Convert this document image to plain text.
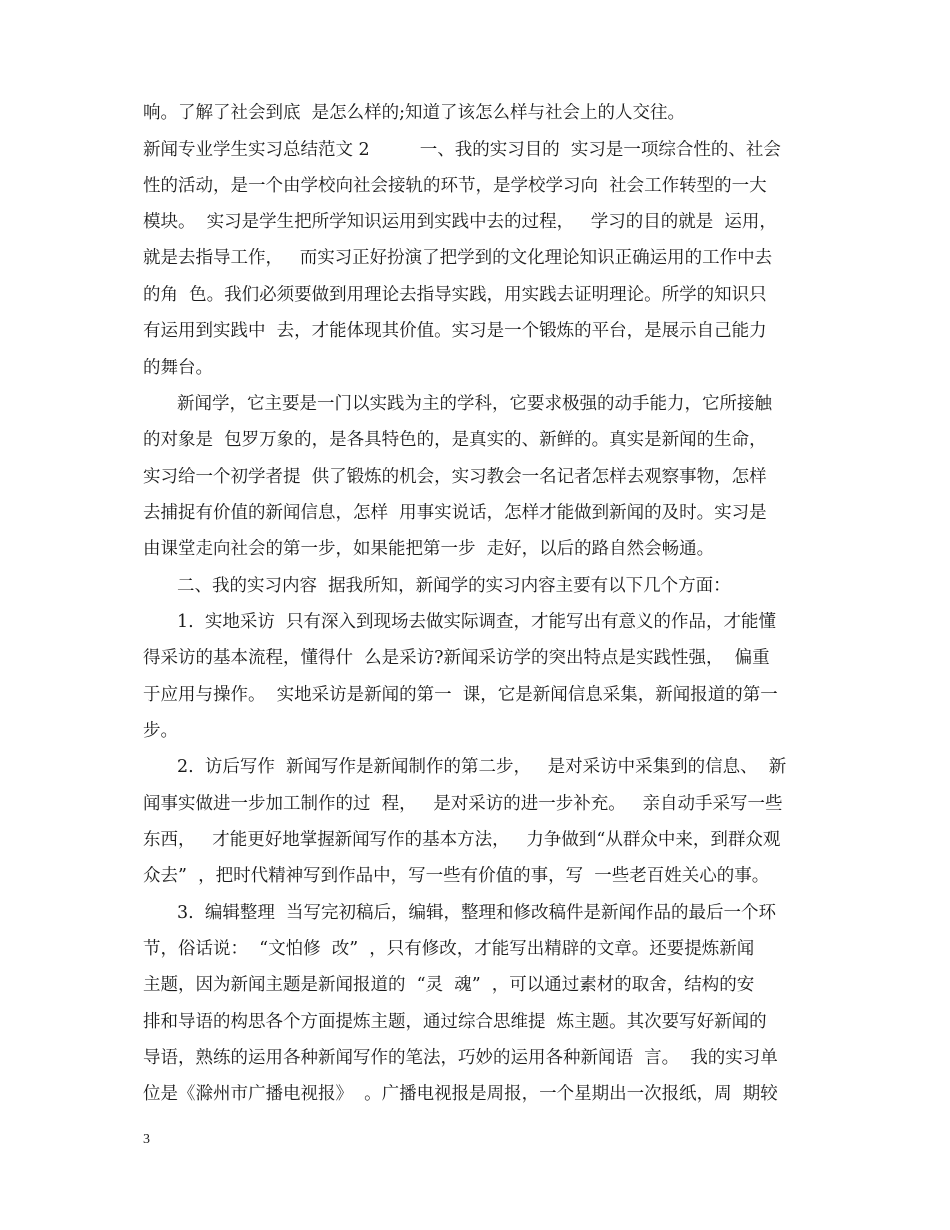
响。了解了社会到底  是怎么样的;知道了该怎么样与社会上的人交往。
新闻专业学生实习总结范文 2         一、我的实习目的  实习是一项综合性的、社会
性的活动，是一个由学校向社会接轨的环节，是学校学习向  社会工作转型的一大
模块。  实习是学生把所学知识运用到实践中去的过程，   学习的目的就是  运用，
就是去指导工作，   而实习正好扮演了把学到的文化理论知识正确运用的工作中去
的角  色。我们必须要做到用理论去指导实践，用实践去证明理论。所学的知识只
有运用到实践中  去，才能体现其价值。实习是一个锻炼的平台，是展示自己能力
的舞台。
新闻学，它主要是一门以实践为主的学科，它要求极强的动手能力，它所接触
的对象是  包罗万象的，是各具特色的，是真实的、新鲜的。真实是新闻的生命，
实习给一个初学者提  供了锻炼的机会，实习教会一名记者怎样去观察事物，怎样
去捕捉有价值的新闻信息，怎样  用事实说话，怎样才能做到新闻的及时。实习是
由课堂走向社会的第一步，如果能把第一步  走好，以后的路自然会畅通。
二、我的实习内容  据我所知，新闻学的实习内容主要有以下几个方面：
1.  实地采访  只有深入到现场去做实际调查，才能写出有意义的作品，才能懂
得采访的基本流程，懂得什  么是采访?新闻采访学的突出特点是实践性强，  偏重
于应用与操作。  实地采访是新闻的第一  课，它是新闻信息采集，新闻报道的第一
步。
2.  访后写作  新闻写作是新闻制作的第二步，   是对采访中采集到的信息、  新
闻事实做进一步加工制作的过  程，   是对采访的进一步补充。   亲自动手采写一些
东西，   才能更好地掌握新闻写作的基本方法，   力争做到“从群众中来，到群众观
众去”  ，把时代精神写到作品中，写一些有价值的事，写  一些老百姓关心的事。
3.  编辑整理  当写完初稿后，编辑，整理和修改稿件是新闻作品的最后一个环
节，俗话说：  “文怕修  改”  ，只有修改，才能写出精辟的文章。还要提炼新闻
主题，因为新闻主题是新闻报道的  “灵  魂”  ，可以通过素材的取舍，结构的安
排和导语的构思各个方面提炼主题，通过综合思维提  炼主题。其次要写好新闻的
导语，熟练的运用各种新闻写作的笔法，巧妙的运用各种新闻语  言。  我的实习单
位是《滁州市广播电视报》  。广播电视报是周报，一个星期出一次报纸，周  期较
3
